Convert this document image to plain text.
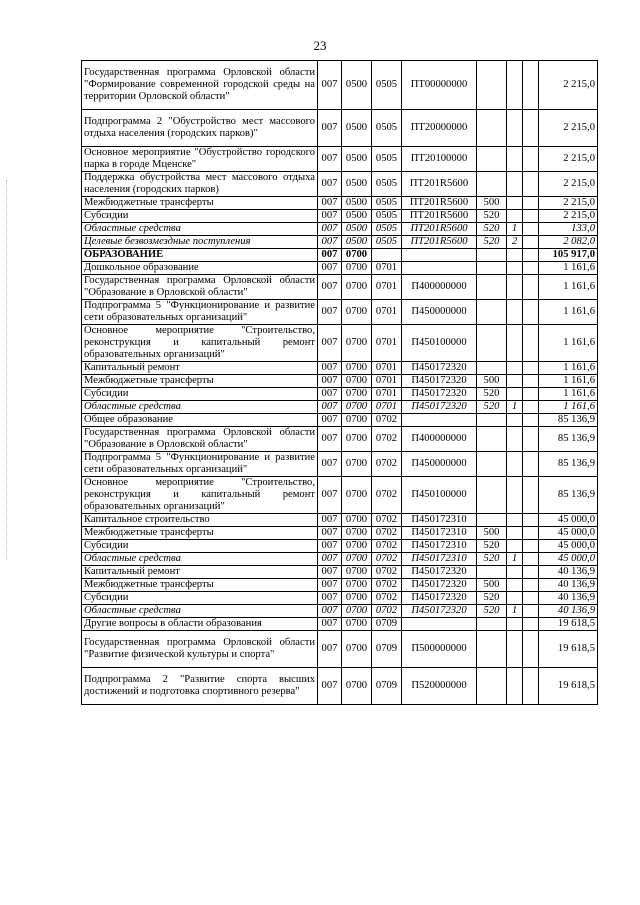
23
Государственная программа Орловской области "Формирование современной городской среды на территории Орловской области"	007	0500	0505	ПТ00000000				2 215,0
Подпрограмма 2 "Обустройство мест массового отдыха населения (городских парков)"	007	0500	0505	ПТ20000000				2 215,0
Основное мероприятие "Обустройство городского парка в городе Мценске"	007	0500	0505	ПТ20100000				2 215,0
Поддержка обустройства мест массового отдыха населения (городских парков)	007	0500	0505	ПТ201R5600				2 215,0
Межбюджетные трансферты	007	0500	0505	ПТ201R5600	500			2 215,0
Субсидии	007	0500	0505	ПТ201R5600	520			2 215,0
Областные средства	007	0500	0505	ПТ201R5600	520	1		133,0
Целевые безвозмездные поступления	007	0500	0505	ПТ201R5600	520	2		2 082,0
ОБРАЗОВАНИЕ	007	0700						105 917,0
Дошкольное образование	007	0700	0701					1 161,6
Государственная программа Орловской области "Образование в Орловской области"	007	0700	0701	П400000000				1 161,6
Подпрограмма 5 "Функционирование и развитие сети образовательных организаций"	007	0700	0701	П450000000				1 161,6
Основное мероприятие "Строительство, реконструкция и капитальный ремонт образовательных организаций"	007	0700	0701	П450100000				1 161,6
Капитальный ремонт	007	0700	0701	П450172320				1 161,6
Межбюджетные трансферты	007	0700	0701	П450172320	500			1 161,6
Субсидии	007	0700	0701	П450172320	520			1 161,6
Областные средства	007	0700	0701	П450172320	520	1		1 161,6
Общее образование	007	0700	0702					85 136,9
Государственная программа Орловской области "Образование в Орловской области"	007	0700	0702	П400000000				85 136,9
Подпрограмма 5 "Функционирование и развитие сети образовательных организаций"	007	0700	0702	П450000000				85 136,9
Основное мероприятие "Строительство, реконструкция и капитальный ремонт образовательных организаций"	007	0700	0702	П450100000				85 136,9
Капитальное строительство	007	0700	0702	П450172310				45 000,0
Межбюджетные трансферты	007	0700	0702	П450172310	500			45 000,0
Субсидии	007	0700	0702	П450172310	520			45 000,0
Областные средства	007	0700	0702	П450172310	520	1		45 000,0
Капитальный ремонт	007	0700	0702	П450172320				40 136,9
Межбюджетные трансферты	007	0700	0702	П450172320	500			40 136,9
Субсидии	007	0700	0702	П450172320	520			40 136,9
Областные средства	007	0700	0702	П450172320	520	1		40 136,9
Другие вопросы в области образования	007	0700	0709					19 618,5
Государственная программа Орловской области "Развитие физической культуры и спорта"	007	0700	0709	П500000000				19 618,5
Подпрограмма 2 "Развитие спорта высших достижений и подготовка спортивного резерва"	007	0700	0709	П520000000				19 618,5
